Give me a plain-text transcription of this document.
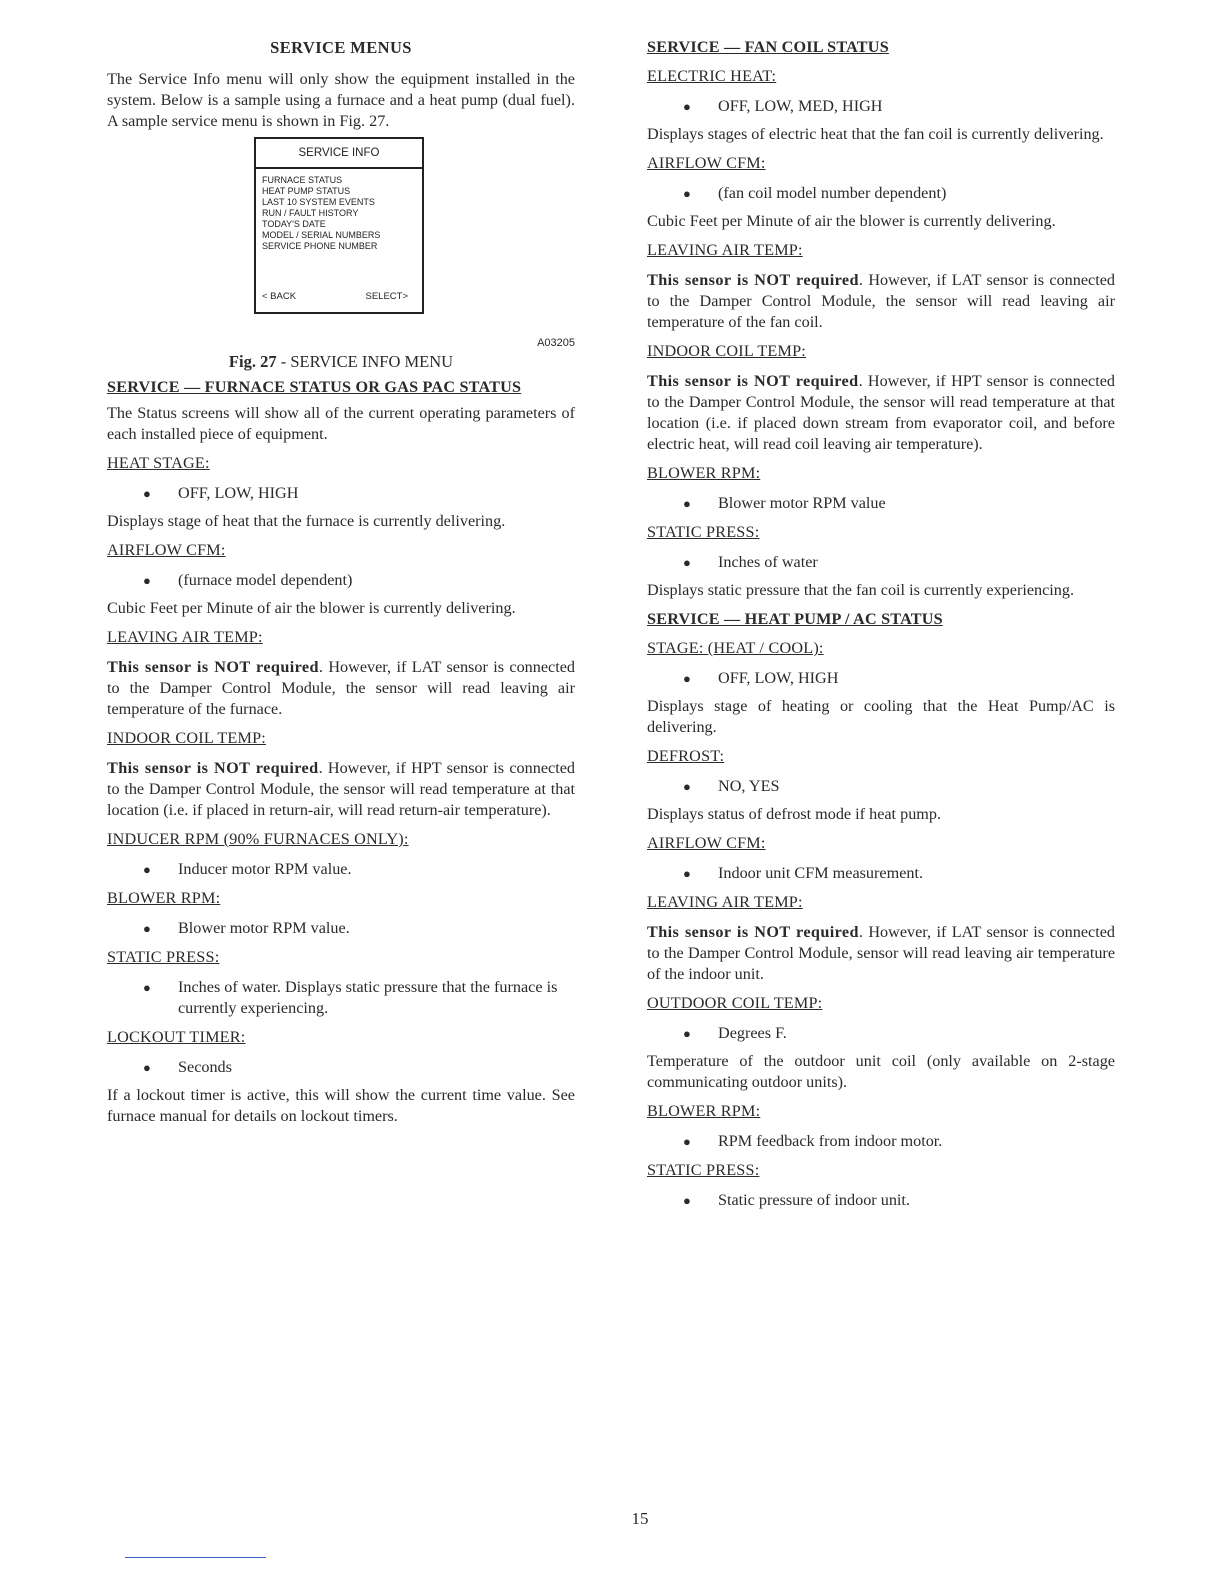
SERVICE MENUS

The Service Info menu will only show the equipment installed in the system. Below is a sample using a furnace and a heat pump (dual fuel). A sample service menu is shown in Fig. 27.

SERVICE INFO
FURNACE STATUS
HEAT PUMP STATUS
LAST 10 SYSTEM EVENTS
RUN / FAULT HISTORY
TODAY'S DATE
MODEL / SERIAL NUMBERS
SERVICE PHONE NUMBER
< BACK	SELECT>
A03205
Fig. 27 - SERVICE INFO MENU
SERVICE — FURNACE STATUS OR GAS PAC STATUS

The Status screens will show all of the current operating parameters of each installed piece of equipment.

HEAT STAGE:
● OFF, LOW, HIGH

Displays stage of heat that the furnace is currently delivering.

AIRFLOW CFM:
● (furnace model dependent)

Cubic Feet per Minute of air the blower is currently delivering.

LEAVING AIR TEMP:

This sensor is NOT required. However, if LAT sensor is connected to the Damper Control Module, the sensor will read leaving air temperature of the furnace.

INDOOR COIL TEMP:

This sensor is NOT required. However, if HPT sensor is connected to the Damper Control Module, the sensor will read temperature at that location (i.e. if placed in return-air, will read return-air temperature).

INDUCER RPM (90% FURNACES ONLY):
● Inducer motor RPM value.
BLOWER RPM:
● Blower motor RPM value.
STATIC PRESS:
● Inches of water. Displays static pressure that the furnace is currently experiencing.
LOCKOUT TIMER:
● Seconds

If a lockout timer is active, this will show the current time value. See furnace manual for details on lockout timers.

SERVICE — FAN COIL STATUS
ELECTRIC HEAT:
● OFF, LOW, MED, HIGH

Displays stages of electric heat that the fan coil is currently delivering.

AIRFLOW CFM:
● (fan coil model number dependent)

Cubic Feet per Minute of air the blower is currently delivering.

LEAVING AIR TEMP:

This sensor is NOT required. However, if LAT sensor is connected to the Damper Control Module, the sensor will read leaving air temperature of the fan coil.

INDOOR COIL TEMP:

This sensor is NOT required. However, if HPT sensor is connected to the Damper Control Module, the sensor will read temperature at that location (i.e. if placed down stream from evaporator coil, and before electric heat, will read coil leaving air temperature).

BLOWER RPM:
● Blower motor RPM value
STATIC PRESS:
● Inches of water

Displays static pressure that the fan coil is currently experiencing.

SERVICE — HEAT PUMP / AC STATUS
STAGE: (HEAT / COOL):
● OFF, LOW, HIGH

Displays stage of heating or cooling that the Heat Pump/AC is delivering.

DEFROST:
● NO, YES

Displays status of defrost mode if heat pump.

AIRFLOW CFM:
● Indoor unit CFM measurement.
LEAVING AIR TEMP:

This sensor is NOT required. However, if LAT sensor is connected to the Damper Control Module, sensor will read leaving air temperature of the indoor unit.

OUTDOOR COIL TEMP:
● Degrees F.

Temperature of the outdoor unit coil (only available on 2-stage communicating outdoor units).

BLOWER RPM:
● RPM feedback from indoor motor.
STATIC PRESS:
● Static pressure of indoor unit.
15
